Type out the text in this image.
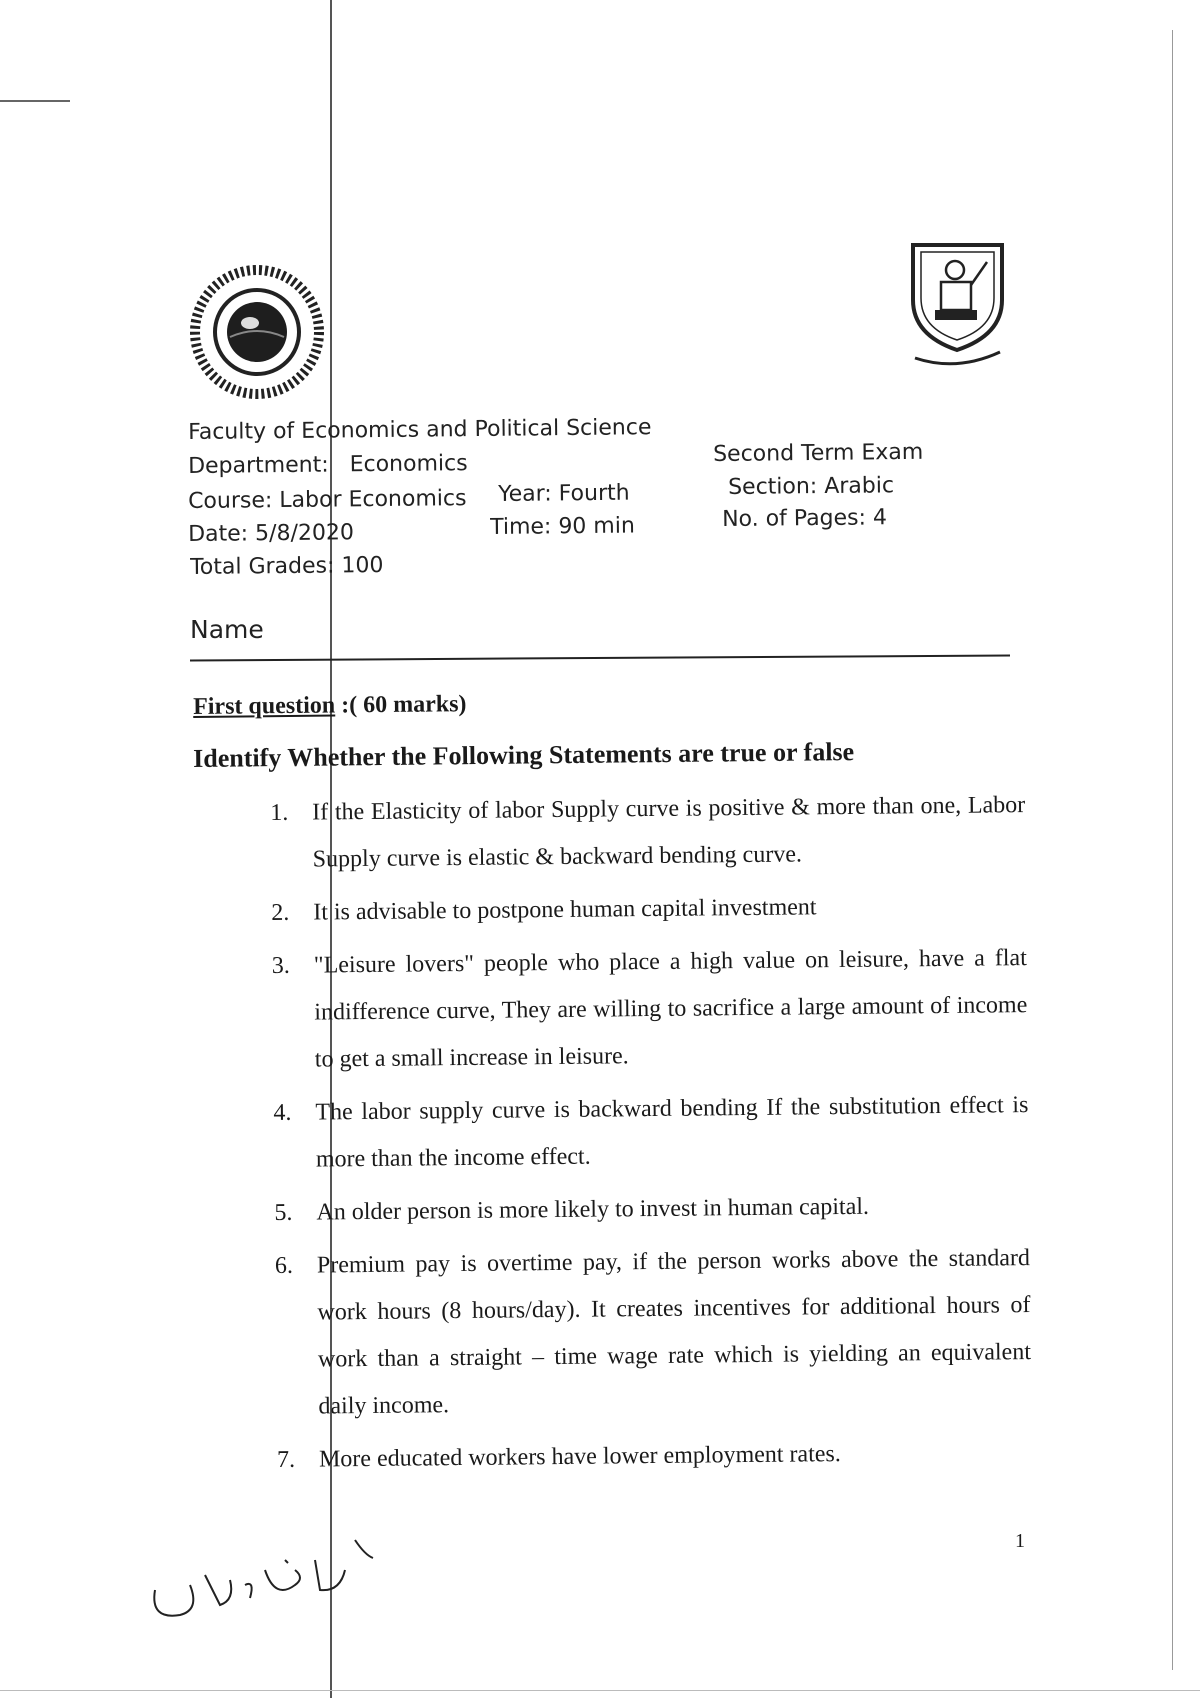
Faculty of Economics and Political Science
Department: Economics
Course: Labor Economics
Date: 5/8/2020
Total Grades: 100
Year: Fourth
Time: 90 min
Second Term Exam
Section: Arabic
No. of Pages: 4
Name
First question :( 60 marks)
Identify Whether the Following Statements are true or false
1. If the Elasticity of labor Supply curve is positive & more than one, Labor Supply curve is elastic & backward bending curve.
2. It is advisable to postpone human capital investment
3. "Leisure lovers" people who place a high value on leisure, have a flat indifference curve, They are willing to sacrifice a large amount of income to get a small increase in leisure.
4. The labor supply curve is backward bending If the substitution effect is more than the income effect.
5. An older person is more likely to invest in human capital.
6. Premium pay is overtime pay, if the person works above the standard work hours (8 hours/day). It creates incentives for additional hours of work than a straight – time wage rate which is yielding an equivalent daily income.
7. More educated workers have lower employment rates.
1
